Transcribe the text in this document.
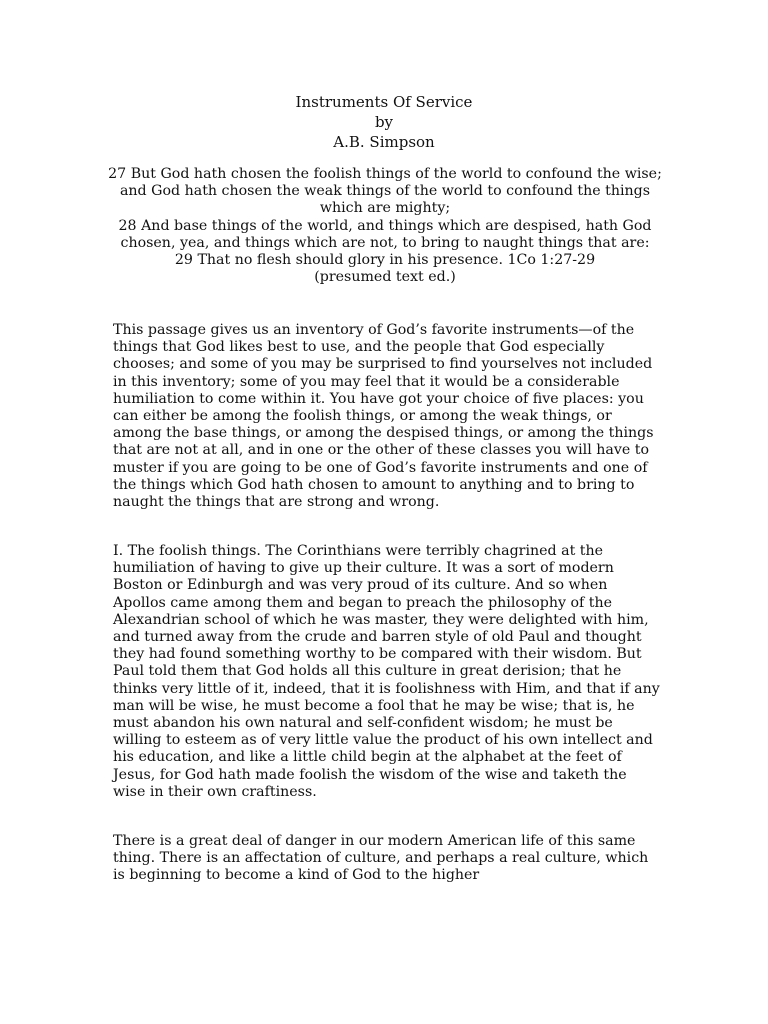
Instruments Of Service
by
A.B. Simpson

27 But God hath chosen the foolish things of the world to confound the wise; and God hath chosen the weak things of the world to confound the things which are mighty;

28 And base things of the world, and things which are despised, hath God chosen, yea, and things which are not, to bring to naught things that are:

29 That no flesh should glory in his presence. 1Co 1:27-29

(presumed text ed.)

This passage gives us an inventory of God’s favorite instruments—of the things that God likes best to use, and the people that God especially chooses; and some of you may be surprised to find yourselves not included in this inventory; some of you may feel that it would be a considerable humiliation to come within it. You have got your choice of five places: you can either be among the foolish things, or among the weak things, or among the base things, or among the despised things, or among the things that are not at all, and in one or the other of these classes you will have to muster if you are going to be one of God’s favorite instruments and one of the things which God hath chosen to amount to anything and to bring to naught the things that are strong and wrong.

I. The foolish things. The Corinthians were terribly chagrined at the humiliation of having to give up their culture. It was a sort of modern Boston or Edinburgh and was very proud of its culture. And so when Apollos came among them and began to preach the philosophy of the Alexandrian school of which he was master, they were delighted with him, and turned away from the crude and barren style of old Paul and thought they had found something worthy to be compared with their wisdom. But Paul told them that God holds all this culture in great derision; that he thinks very little of it, indeed, that it is foolishness with Him, and that if any man will be wise, he must become a fool that he may be wise; that is, he must abandon his own natural and self-confident wisdom; he must be willing to esteem as of very little value the product of his own intellect and his education, and like a little child begin at the alphabet at the feet of Jesus, for God hath made foolish the wisdom of the wise and taketh the wise in their own craftiness.

There is a great deal of danger in our modern American life of this same thing. There is an affectation of culture, and perhaps a real culture, which is beginning to become a kind of God to the higher
